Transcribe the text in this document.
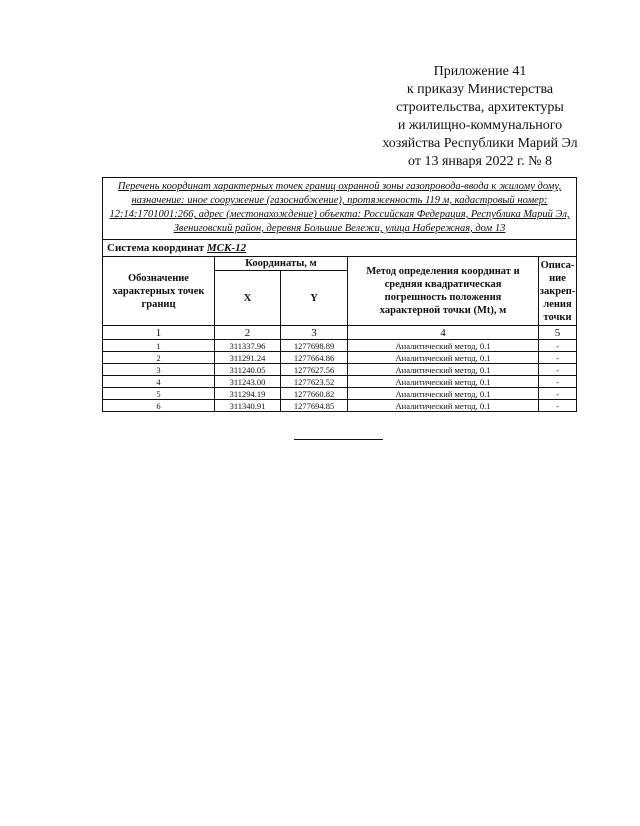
Приложение 41
к приказу Министерства
строительства, архитектуры
и жилищно-коммунального
хозяйства Республики Марий Эл
от 13 января 2022 г. № 8
Перечень координат характерных точек границ охранной зоны газопровода-ввода к жилому дому, назначение: иное сооружение (газоснабжение), протяженность 119 м, кадастровый номер: 12:14:1701001:266, адрес (местонахождение) объекта: Российская Федерация, Республика Марий Эл, Звениговский район, деревня Большие Вележи, улица Набережная, дом 13				
Система координат МСК-12				
Обозначение характерных точек границ	Координаты, м		Метод определения координат и средняя квадратическая погрешность положения характерной точки (Mt), м	Описа-ние закреп-ления точки
	X	Y		
1	2	3	4	5
1	311337.96	1277698.89	Аналитический метод, 0.1	-
2	311291.24	1277664.86	Аналитический метод, 0.1	-
3	311240.05	1277627.56	Аналитический метод, 0.1	-
4	311243.00	1277623.52	Аналитический метод, 0.1	-
5	311294.19	1277660.82	Аналитический метод, 0.1	-
6	311340.91	1277694.85	Аналитический метод, 0.1	-
